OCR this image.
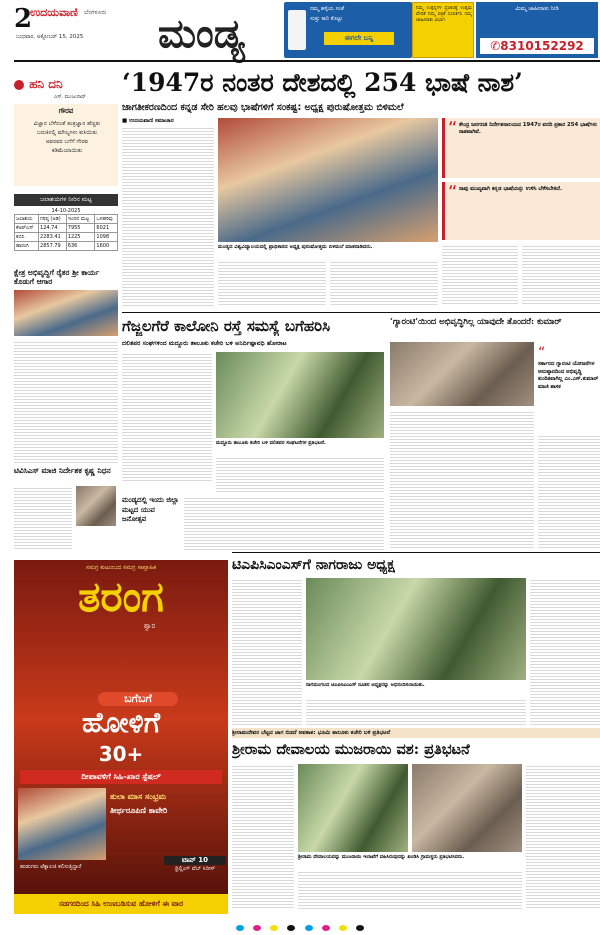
2
ಉದಯವಾಣಿ ಬೆಂಗಳೂರು
ಬುಧವಾರ, ಅಕ್ಟೋಬರ್ 15, 2025 ಮಂಡ್ಯ
ನಮ್ಮ ಹಳ್ಳಿಯ ಸಂತೆ
ಸುತ್ತು ಕಾರಿ ಕೊಟ್ಟು
ಈಗಲೇ ಬನ್ನಿ
ನಿಮ್ಮ ಉತ್ಪನ್ನಗಳ ಪ್ರಚಾರಕ್ಕೆ ಉತ್ತಮ ವೇದಿಕೆ ನಮ್ಮ ಪತ್ರಿಕೆ ಸಂಪರ್ಕಿಸಿ ನಮ್ಮ ಜಾಹೀರಾತು ವಿಭಾಗ
ಮಿಮ್ಮ ಜಾಹೀರಾತು ನೀಡಿ
✆8310152292
ಹನಿ ದನಿ
ಎಸ್. ಮಂಜುನಾಥ್
ಗೌರವ
ವಿಜ್ಞಾನ ಬೆಳೆದಂತೆ ತಂತ್ರಜ್ಞಾನ ಹೆಚ್ಚಿತು ಬದುಕಿನಲ್ಲಿ ಮೌಲ್ಯಗಳು ಕುಸಿಯಿತು ಅವರವರ ಬಗೆಗೆ ಗೌರವ ಕಡಿಮೆಯಾಯಿತು
ಜಲಾಶಯಗಳ ನೀರಿನ ಮಟ್ಟ
14-10-2025
ಜಲಾಶಯ	ಗರಿಷ್ಠ (ಅಡಿ)	ಇಂದಿನ ಮಟ್ಟ	ಒಳಹರಿವು
ಕೆಆರ್‌ಎಸ್	124.74	7955	6021
ಕಬಿನಿ	2283.41	1225	1098
ಹಾರಂಗಿ	2857.79	636	1600
ಕ್ಷೇತ್ರ ಅಭಿವೃದ್ಧಿಗೆ ರೈತರ ಶ್ರೀ ಕಾರ್ಯ ಕೊಡುಗೆ ಆಗಾರ
ಟಿವಿಸಿಎಸ್ ಮಾಜಿ ನಿರ್ದೇಶಕ ಕೃಷ್ಣ ನಿಧನ
‘1947ರ ನಂತರ ದೇಶದಲ್ಲಿ 254 ಭಾಷೆ ನಾಶ’
ಜಾಗತೀಕರಣದಿಂದ ಕನ್ನಡ ಸೇರಿ ಹಲವು ಭಾಷೆಗಳಿಗೆ ಸಂಕಷ್ಟ: ಅಧ್ಯಕ್ಷ ಪುರುಷೋತ್ತಮ ಬಿಳಿಮಲೆ
■ ಉದಯವಾಣಿ ಸಮಾಚಾರ
ಮಂಡ್ಯದ ವಿಶ್ವವಿದ್ಯಾಲಯದಲ್ಲಿ ಪ್ರಾಧಿಕಾರದ ಅಧ್ಯಕ್ಷ ಪುರುಷೋತ್ತಮ ಬಿಳಿಮಲೆ ಮಾತನಾಡಿದರು.
“ ಕೇಂದ್ರ ಜನಗಣತಿ ನಿರ್ದೇಶನಾಲಯದ 1947ರ ವರದಿ ಪ್ರಕಾರ 254 ಭಾಷೆಗಳು ನಾಶವಾಗಿವೆ.
“ ನಾವು ಮುಖ್ಯವಾಗಿ ಕನ್ನಡ ಭಾಷೆಯನ್ನು ಉಳಿಸಿ ಬೆಳೆಸಬೇಕಿದೆ.
ಗೆಜ್ಜಲಗೆರೆ ಕಾಲೋನಿ ರಸ್ತೆ ಸಮಸ್ಯೆ ಬಗೆಹರಿಸಿ
ದಲಿತಪರ ಸಂಘಗಳಿಂದ ಮದ್ದೂರು ತಾಲೂಕು ಕಚೇರಿ ಬಳಿ ಅನಿರ್ದಿಷ್ಟಾವಧಿ ಹೋರಾಟ
ಮದ್ದೂರು ತಾಲೂಕು ಕಚೇರಿ ಬಳಿ ದಲಿತಪರ ಸಂಘಟನೆಗಳ ಪ್ರತಿಭಟನೆ.
ಮಂಡ್ಯದಲ್ಲಿ ಇಂದು ಜಿಲ್ಲಾ ಮಟ್ಟದ ಯುವ ಜನೋತ್ಸವ
‘ಗ್ಯಾರಂಟಿ’ಯಿಂದ ಅಭಿವೃದ್ಧಿಗಿಲ್ಲ ಯಾವುದೇ ತೊಂದರೆ: ಕುಮಾರ್
“
ಸರ್ಕಾರದ ಗ್ಯಾರಂಟಿ ಯೋಜನೆಗಳ ಅನುಷ್ಠಾನದಿಂದ ಅಭಿವೃದ್ಧಿ ಕುಂಠಿತವಾಗಿಲ್ಲ ಎಂ.ಎಸ್.ಕುಮಾರ್ ಮಾಜಿ ಶಾಸಕ
ಸಮಗ್ರ ಕುಟುಂಬದ ಸಮಗ್ರ ಸಾಪ್ತಾಹಿಕ
ತರಂಗ
ಶ್ವಾರ
ಬಗೆಬಗೆ
ಹೋಳಿಗೆ
30+
ದೀಪಾವಳಿಗೆ ಸಿಹಿ-ಖಾರ ಸ್ಪೆಷಲ್
ತುಲಾ ಮಾಸ ಸಂಭ್ರಮ
ತೀರ್ಥರೂಪಿಣಿ ಕಾವೇರಿ
ಟಾಪ್ 10
ಥ್ರಿಲ್ಲಿಂಗ್ ವೆಬ್ ಸಿರೀಸ್
ಹುಡುಗರು ಟೆಕ್ನಾಲಜಿ ಕಲಿಸುತ್ತಿದ್ದಾರೆ
ಸಡಗರದಿಂದ ಸಿಹಿ ಉಣಬಡಿಸುವ ಹೋಳಿಗೆ ಈ ವಾರ
ಟಿಎಪಿಸಿಎಂಎಸ್‌ಗೆ ನಾಗರಾಜು ಅಧ್ಯಕ್ಷ
ನಾಗಮಂಗಲದ ಟಿಎಪಿಸಿಎಂಎಸ್ ನೂತನ ಅಧ್ಯಕ್ಷರನ್ನು ಅಭಿನಂದಿಸಲಾಯಿತು.
ಶ್ರೀರಾಮದೇವರ ಬೆಟ್ಟದ ಜಾಗ ಬಿಡದೆ ಅವಕಾಶ: ಭೂಮಿ ತಾಲೂಕು ಕಚೇರಿ ಬಳಿ ಪ್ರತಿಭಟನೆ
ಶ್ರೀರಾಮ ದೇವಾಲಯ ಮುಜರಾಯಿ ವಶ: ಪ್ರತಿಭಟನೆ
ಶ್ರೀರಾಮ ದೇವಾಲಯವನ್ನು ಮುಜರಾಯಿ ಇಲಾಖೆಗೆ ವಹಿಸಿರುವುದನ್ನು ಖಂಡಿಸಿ ಗ್ರಾಮಸ್ಥರು ಪ್ರತಿಭಟಿಸಿದರು.
